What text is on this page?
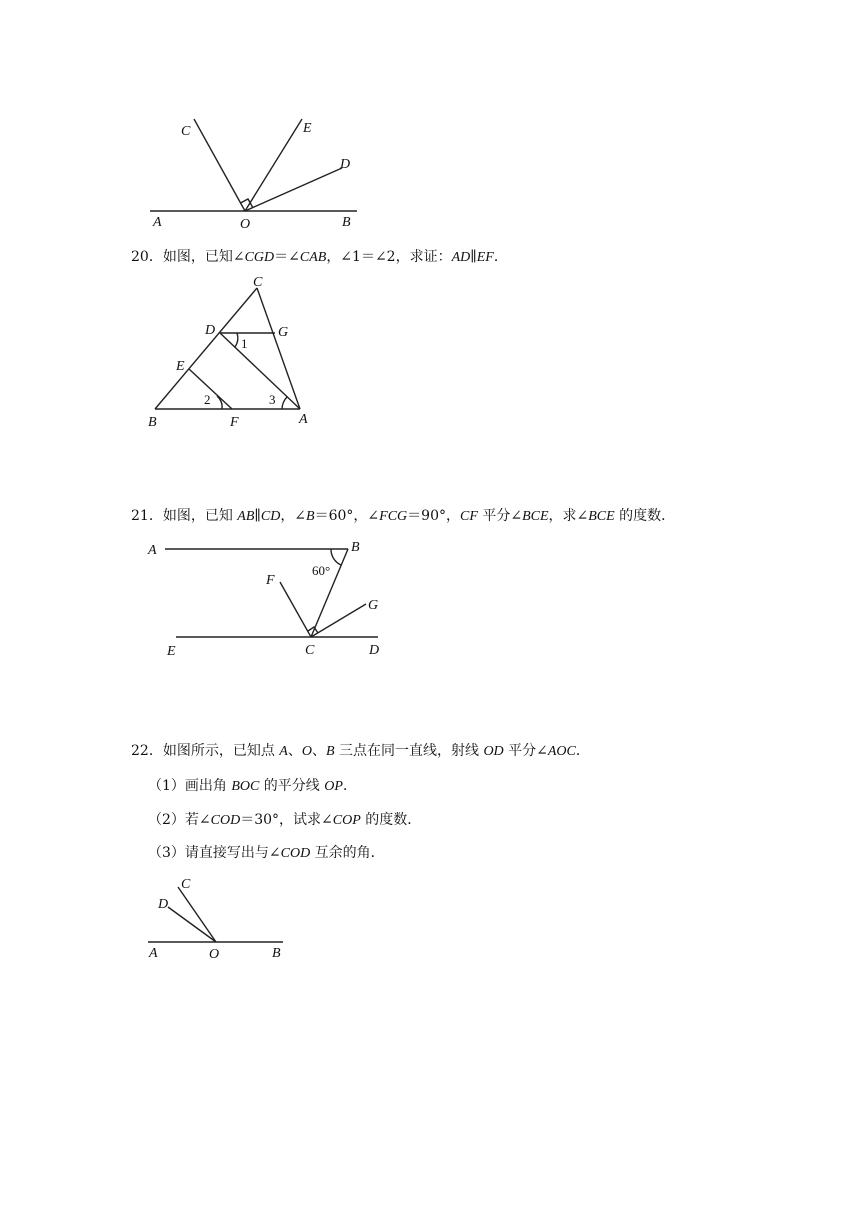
A	O	B
C	E
D
20．如图，已知∠CGD＝∠CAB，∠1＝∠2，求证：AD∥EF．
C
D	G
E
B	F	A
1
2	3
21．如图，已知 AB∥CD，∠B＝60°，∠FCG＝90°，CF 平分∠BCE，求∠BCE 的度数．
A	B
60°
F
G
E	C	D
22．如图所示，已知点 A、O、B 三点在同一直线，射线 OD 平分∠AOC．
（1）画出角 BOC 的平分线 OP．
（2）若∠COD＝30°，试求∠COP 的度数．
（3）请直接写出与∠COD 互余的角．
C
D
A	O	B
